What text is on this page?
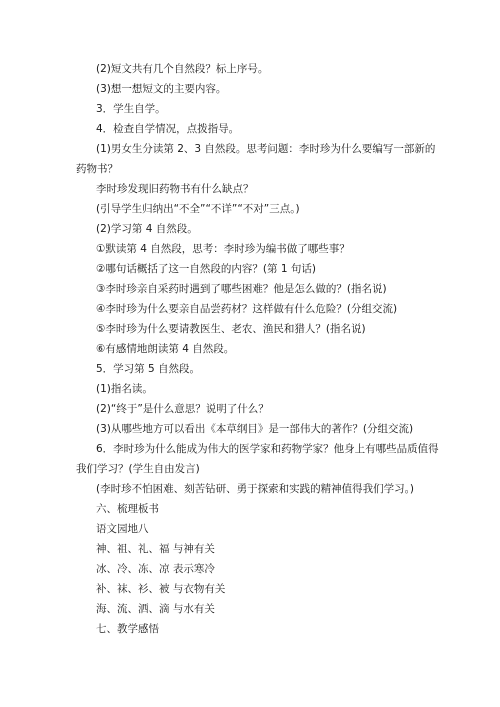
(2)短文共有几个自然段？标上序号。
(3)想一想短文的主要内容。
3．学生自学。
4．检查自学情况，点拨指导。
(1)男女生分读第 2、3 自然段。思考问题：李时珍为什么要编写一部新的
药物书？
李时珍发现旧药物书有什么缺点？
(引导学生归纳出“不全”“不详”“不对”三点。)
(2)学习第 4 自然段。
①默读第 4 自然段，思考：李时珍为编书做了哪些事？
②哪句话概括了这一自然段的内容？(第 1 句话)
③李时珍亲自采药时遇到了哪些困难？他是怎么做的？(指名说)
④李时珍为什么要亲自品尝药材？这样做有什么危险？(分组交流)
⑤李时珍为什么要请教医生、老农、渔民和猎人？(指名说)
⑥有感情地朗读第 4 自然段。
5．学习第 5 自然段。
(1)指名读。
(2)“终于”是什么意思？说明了什么？
(3)从哪些地方可以看出《本草纲目》是一部伟大的著作？(分组交流)
6．李时珍为什么能成为伟大的医学家和药物学家？他身上有哪些品质值得
我们学习？(学生自由发言)
(李时珍不怕困难、刻苦钻研、勇于探索和实践的精神值得我们学习。)
六、梳理板书
语文园地八
神、祖、礼、福 与神有关
冰、冷、冻、凉 表示寒冷
补、袜、衫、被 与衣物有关
海、流、洒、滴 与水有关
七、教学感悟
